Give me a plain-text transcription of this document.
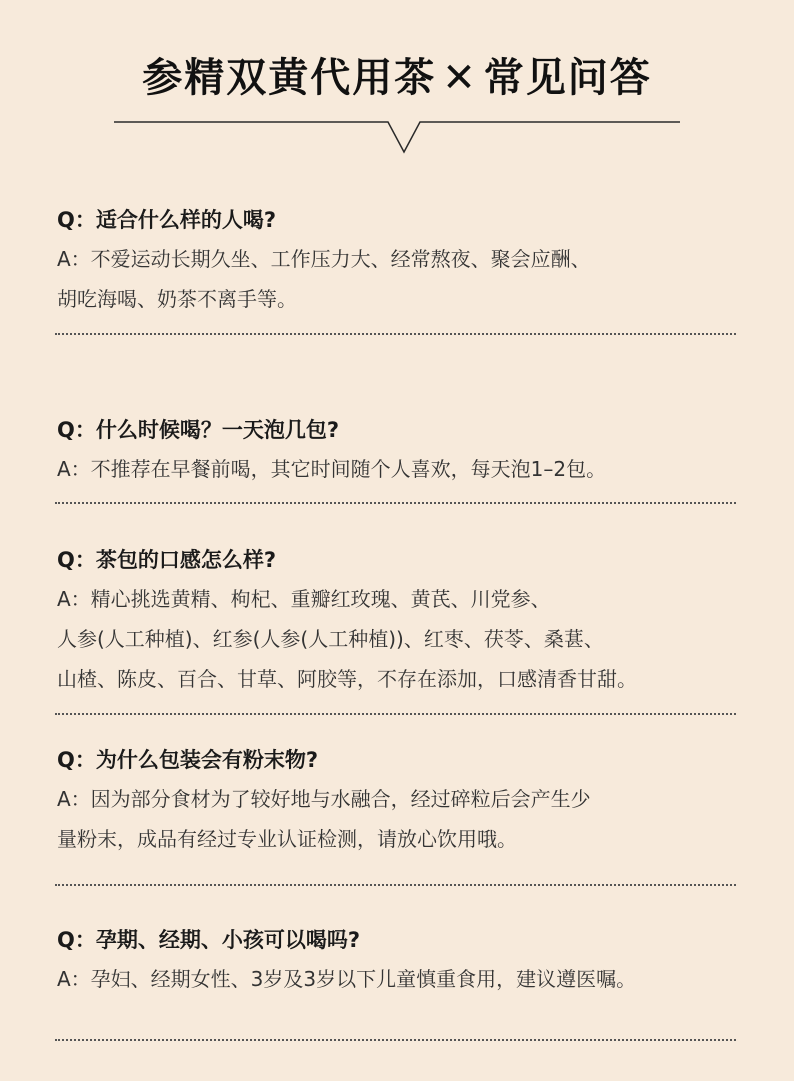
参精双黄代用茶 ✕ 常见问答

Q：适合什么样的人喝?

A：不爱运动长期久坐、工作压力大、经常熬夜、聚会应酬、

胡吃海喝、奶茶不离手等。

Q：什么时候喝？一天泡几包?

A：不推荐在早餐前喝，其它时间随个人喜欢，每天泡1–2包。

Q：茶包的口感怎么样?

A：精心挑选黄精、枸杞、重瓣红玫瑰、黄芪、川党参、

人参(人工种植)、红参(人参(人工种植))、红枣、茯苓、桑葚、

山楂、陈皮、百合、甘草、阿胶等，不存在添加，口感清香甘甜。

Q：为什么包装会有粉末物?

A：因为部分食材为了较好地与水融合，经过碎粒后会产生少

量粉末，成品有经过专业认证检测，请放心饮用哦。

Q：孕期、经期、小孩可以喝吗?

A：孕妇、经期女性、3岁及3岁以下儿童慎重食用，建议遵医嘱。
